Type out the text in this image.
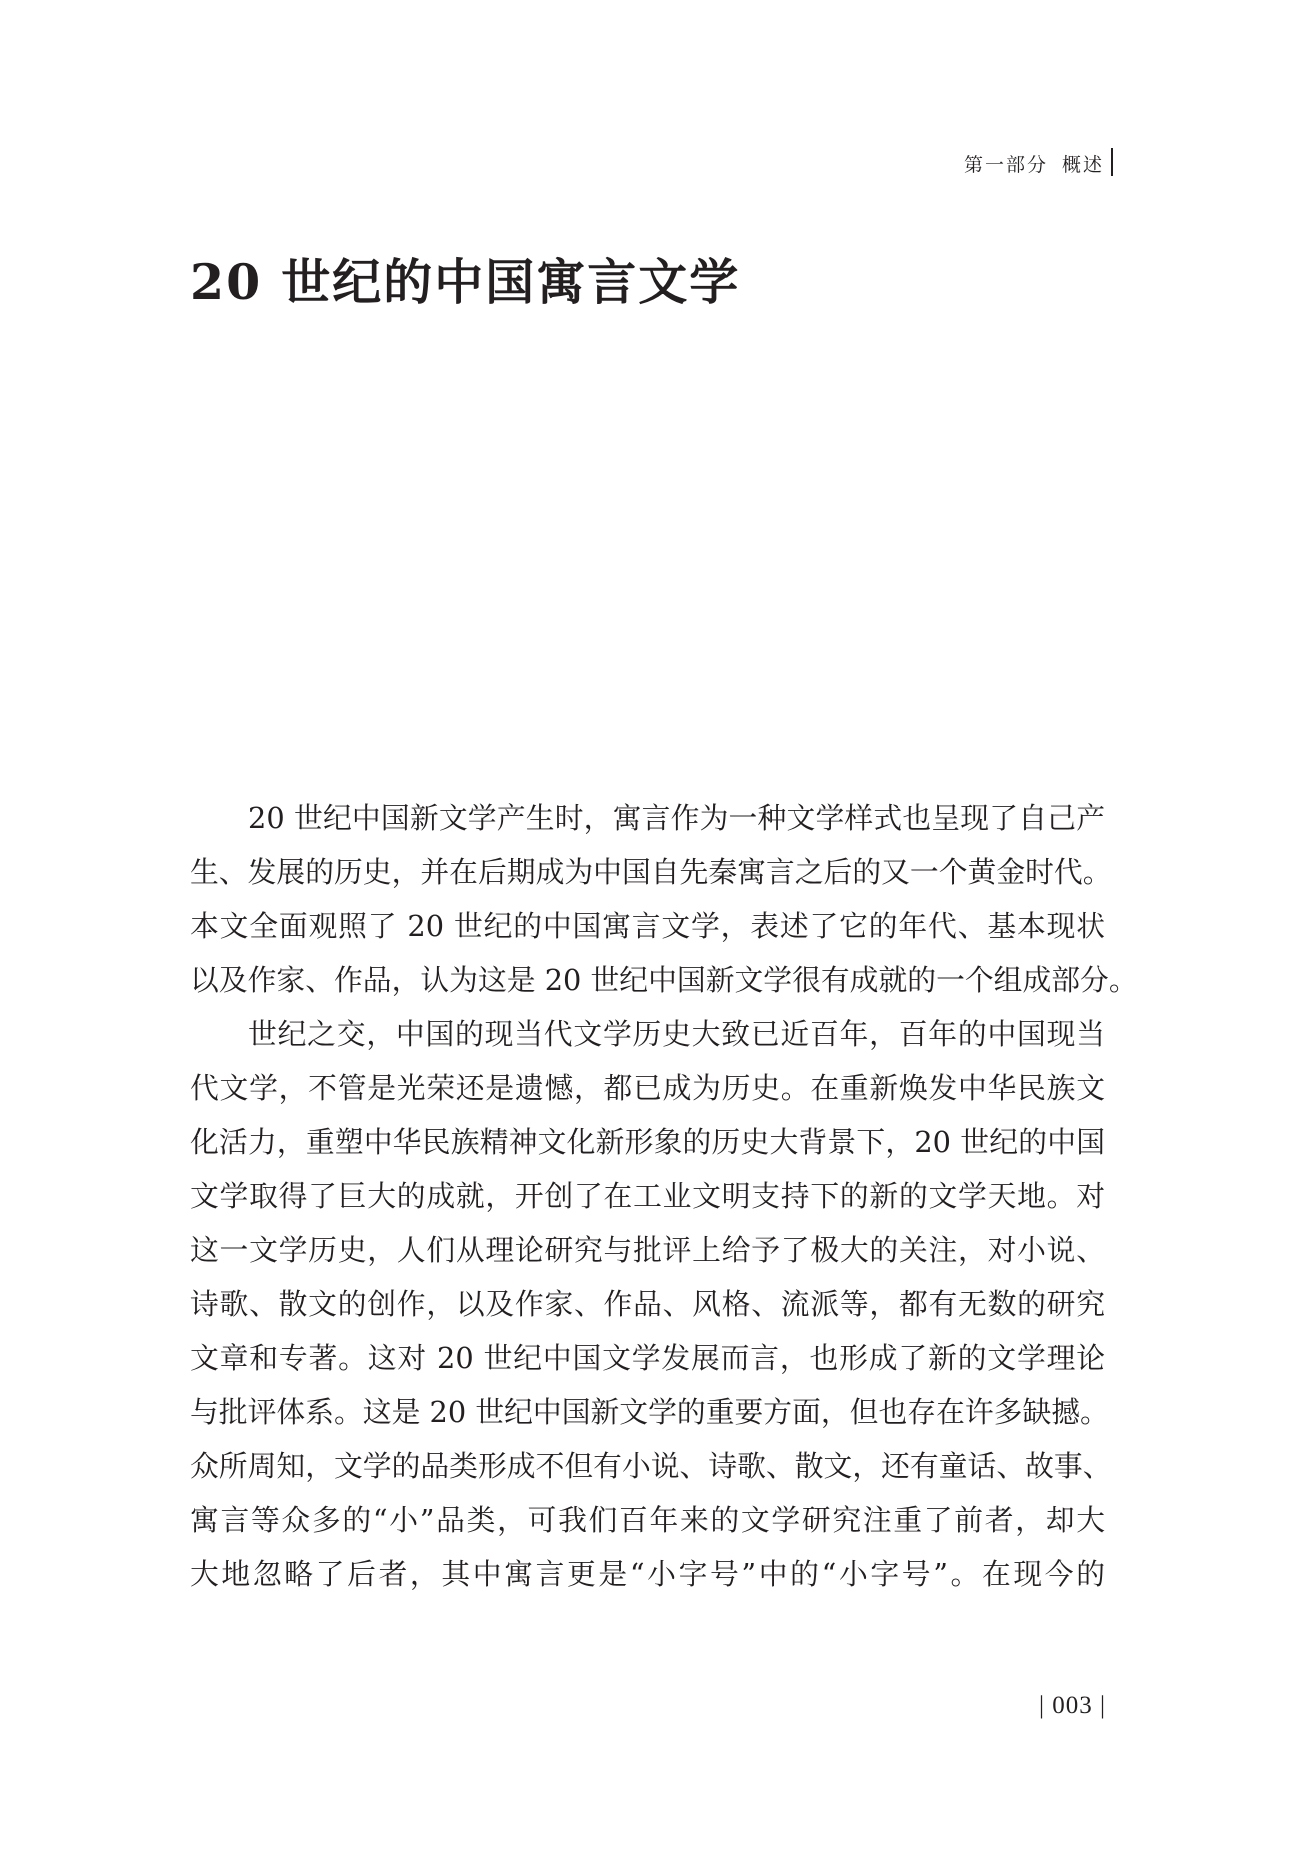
第一部分 概述
20 世纪的中国寓言文学
20 世纪中国新文学产生时，寓言作为一种文学样式也呈现了自己产
生、发展的历史，并在后期成为中国自先秦寓言之后的又一个黄金时代。
本文全面观照了 20 世纪的中国寓言文学，表述了它的年代、基本现状
以及作家、作品，认为这是 20 世纪中国新文学很有成就的一个组成部分。
世纪之交，中国的现当代文学历史大致已近百年，百年的中国现当
代文学，不管是光荣还是遗憾，都已成为历史。在重新焕发中华民族文
化活力，重塑中华民族精神文化新形象的历史大背景下，20 世纪的中国
文学取得了巨大的成就，开创了在工业文明支持下的新的文学天地。对
这一文学历史，人们从理论研究与批评上给予了极大的关注，对小说、
诗歌、散文的创作，以及作家、作品、风格、流派等，都有无数的研究
文章和专著。这对 20 世纪中国文学发展而言，也形成了新的文学理论
与批评体系。这是 20 世纪中国新文学的重要方面，但也存在许多缺撼。
众所周知，文学的品类形成不但有小说、诗歌、散文，还有童话、故事、
寓言等众多的“小”品类，可我们百年来的文学研究注重了前者，却大
大地忽略了后者，其中寓言更是“小字号”中的“小字号”。在现今的
| 003 |
